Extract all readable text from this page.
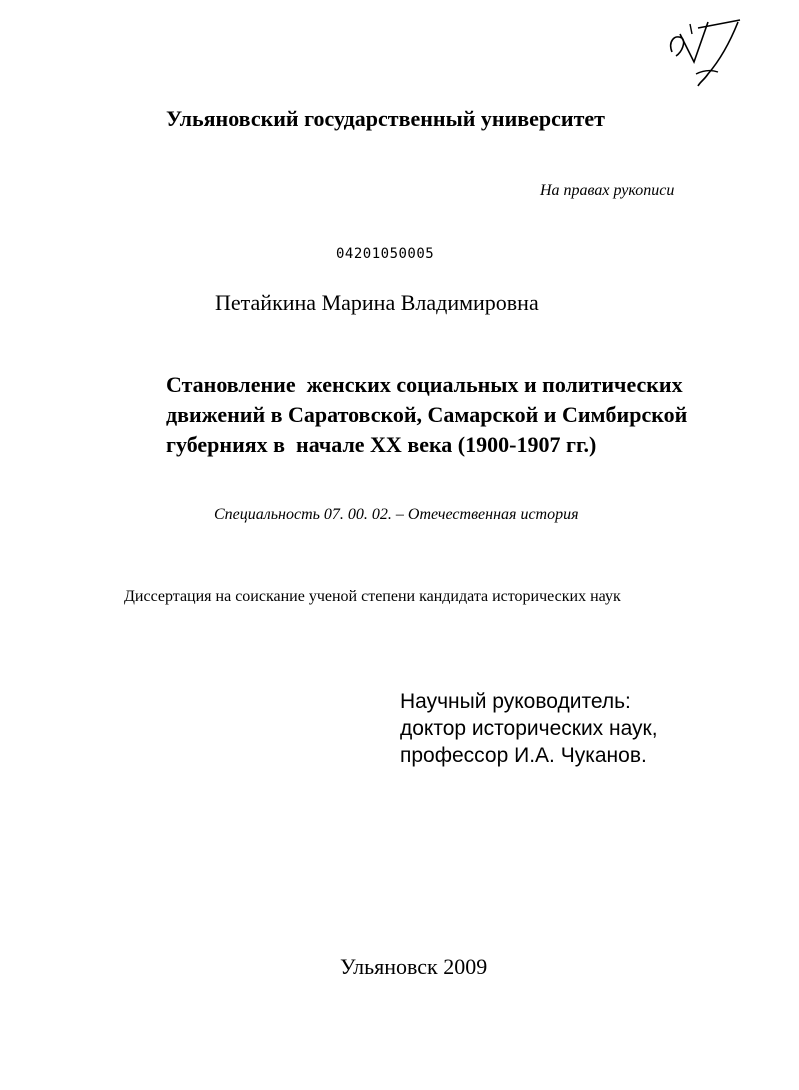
Ульяновский государственный университет
На правах рукописи
04201050005
Петайкина Марина Владимировна
Становление  женских социальных и политических
движений в Саратовской, Самарской и Симбирской
губерниях в  начале XX века (1900-1907 гг.)
Специальность 07. 00. 02. – Отечественная история
Диссертация на соискание ученой степени кандидата исторических наук
Научный руководитель:
доктор исторических наук,
профессор И.А. Чуканов.
Ульяновск 2009
